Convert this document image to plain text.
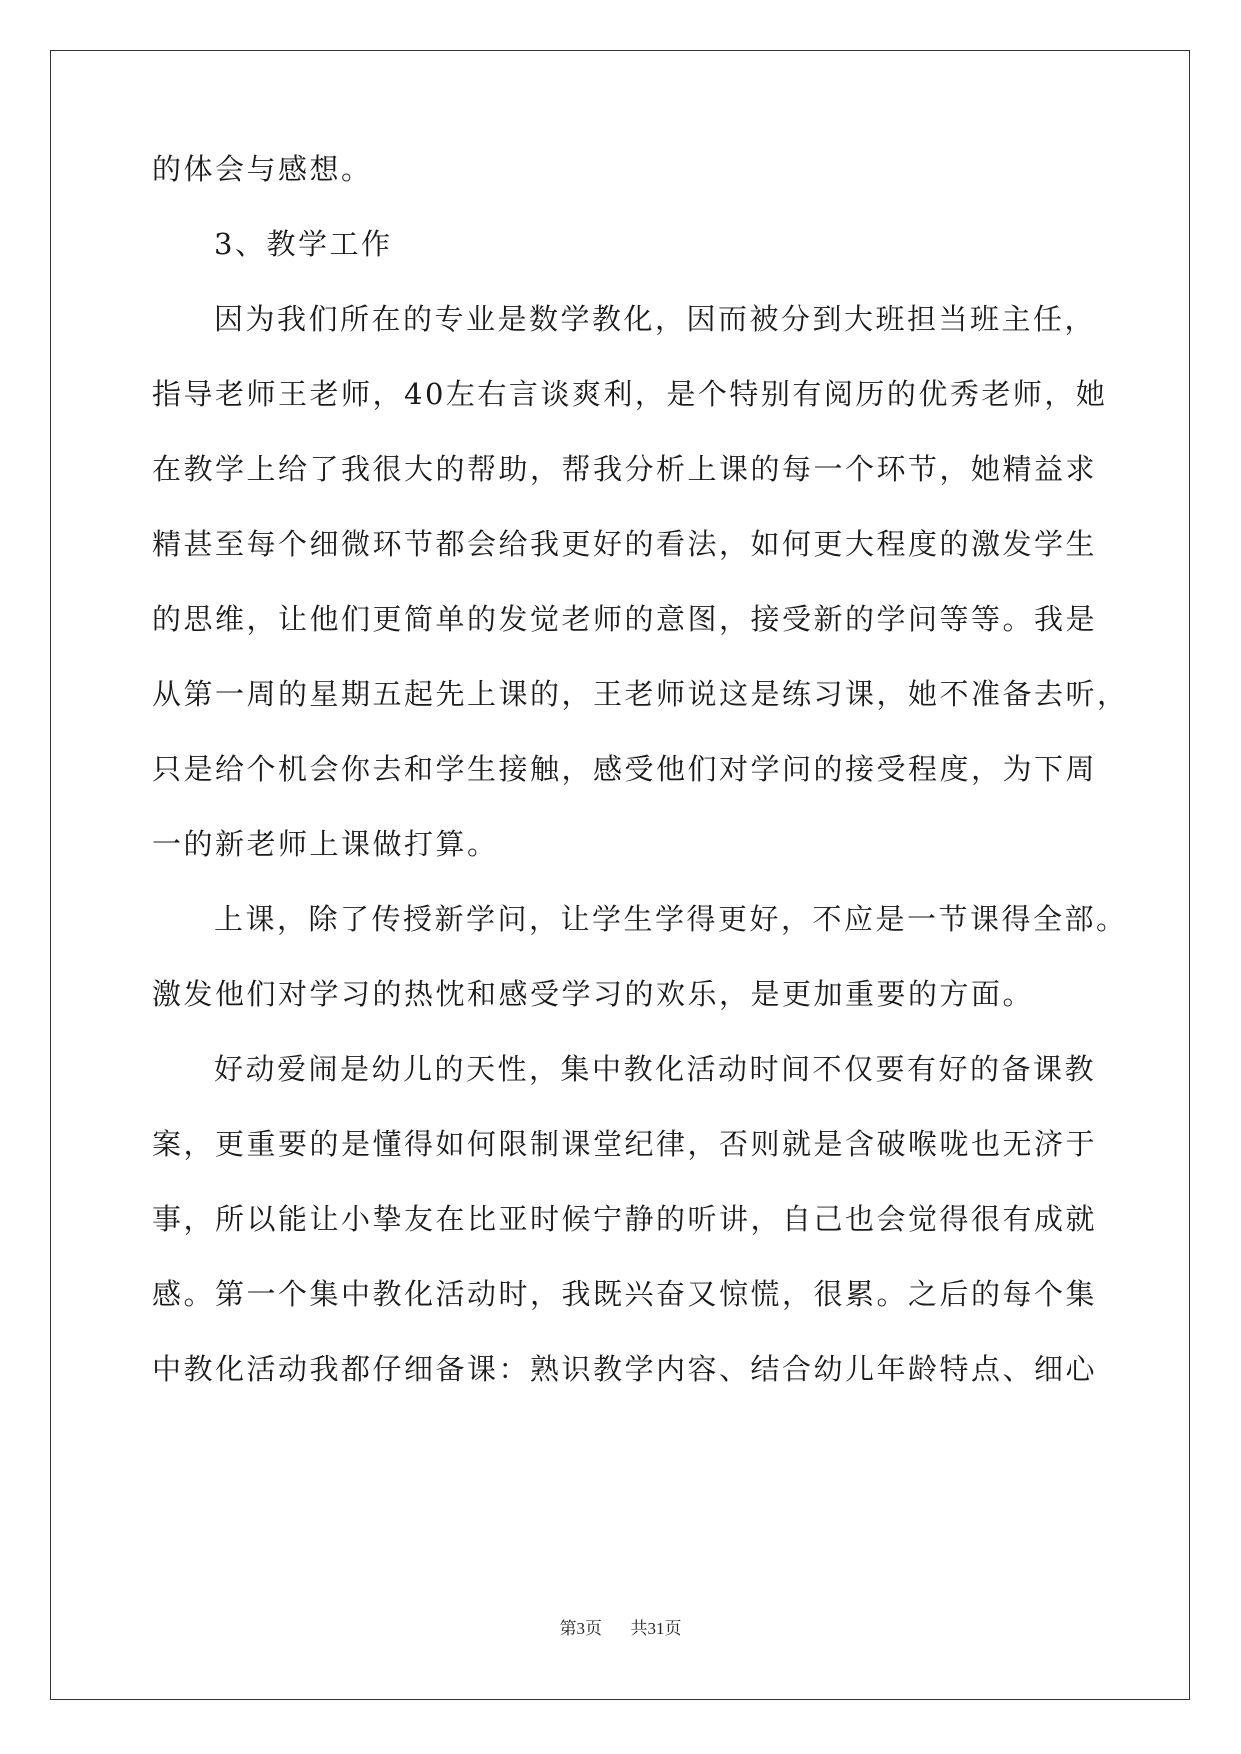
的体会与感想。

3、教学工作

因为我们所在的专业是数学教化，因而被分到大班担当班主任，

指导老师王老师，40左右言谈爽利，是个特别有阅历的优秀老师，她

在教学上给了我很大的帮助，帮我分析上课的每一个环节，她精益求

精甚至每个细微环节都会给我更好的看法，如何更大程度的激发学生

的思维，让他们更简单的发觉老师的意图，接受新的学问等等。我是

从第一周的星期五起先上课的，王老师说这是练习课，她不准备去听，

只是给个机会你去和学生接触，感受他们对学问的接受程度，为下周

一的新老师上课做打算。

上课，除了传授新学问，让学生学得更好，不应是一节课得全部。

激发他们对学习的热忱和感受学习的欢乐，是更加重要的方面。

好动爱闹是幼儿的天性，集中教化活动时间不仅要有好的备课教

案，更重要的是懂得如何限制课堂纪律，否则就是含破喉咙也无济于

事，所以能让小挚友在比亚时候宁静的听讲，自己也会觉得很有成就

感。第一个集中教化活动时，我既兴奋又惊慌，很累。之后的每个集

中教化活动我都仔细备课：熟识教学内容、结合幼儿年龄特点、细心

第3页 共31页
